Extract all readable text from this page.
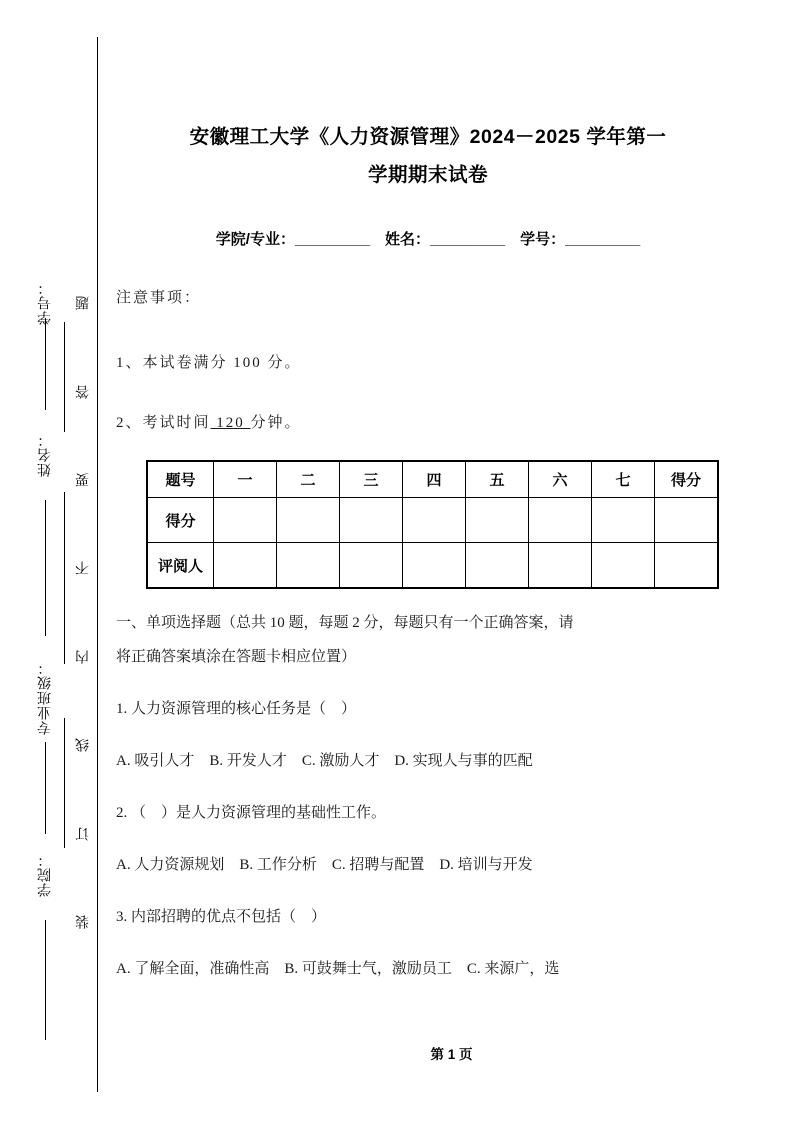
学号：
姓名：
专业班级：
学院：
题
答
要
不
内
线
订
装
安徽理工大学《人力资源管理》2024－2025 学年第一
学期期末试卷
学院/专业：_________　姓名：_________　学号：_________
注意事项：
1、本试卷满分 100 分。
2、考试时间 120 分钟。
题号	一	二	三	四	五	六	七	得分
得分								
评阅人								
一、单项选择题（总共 10 题，每题 2 分，每题只有一个正确答案，请
将正确答案填涂在答题卡相应位置）
1. 人力资源管理的核心任务是（　）
A. 吸引人才　B. 开发人才　C. 激励人才　D. 实现人与事的匹配
2. （　）是人力资源管理的基础性工作。
A. 人力资源规划　B. 工作分析　C. 招聘与配置　D. 培训与开发
3. 内部招聘的优点不包括（　）
A. 了解全面，准确性高　B. 可鼓舞士气，激励员工　C. 来源广，选
第 1 页
